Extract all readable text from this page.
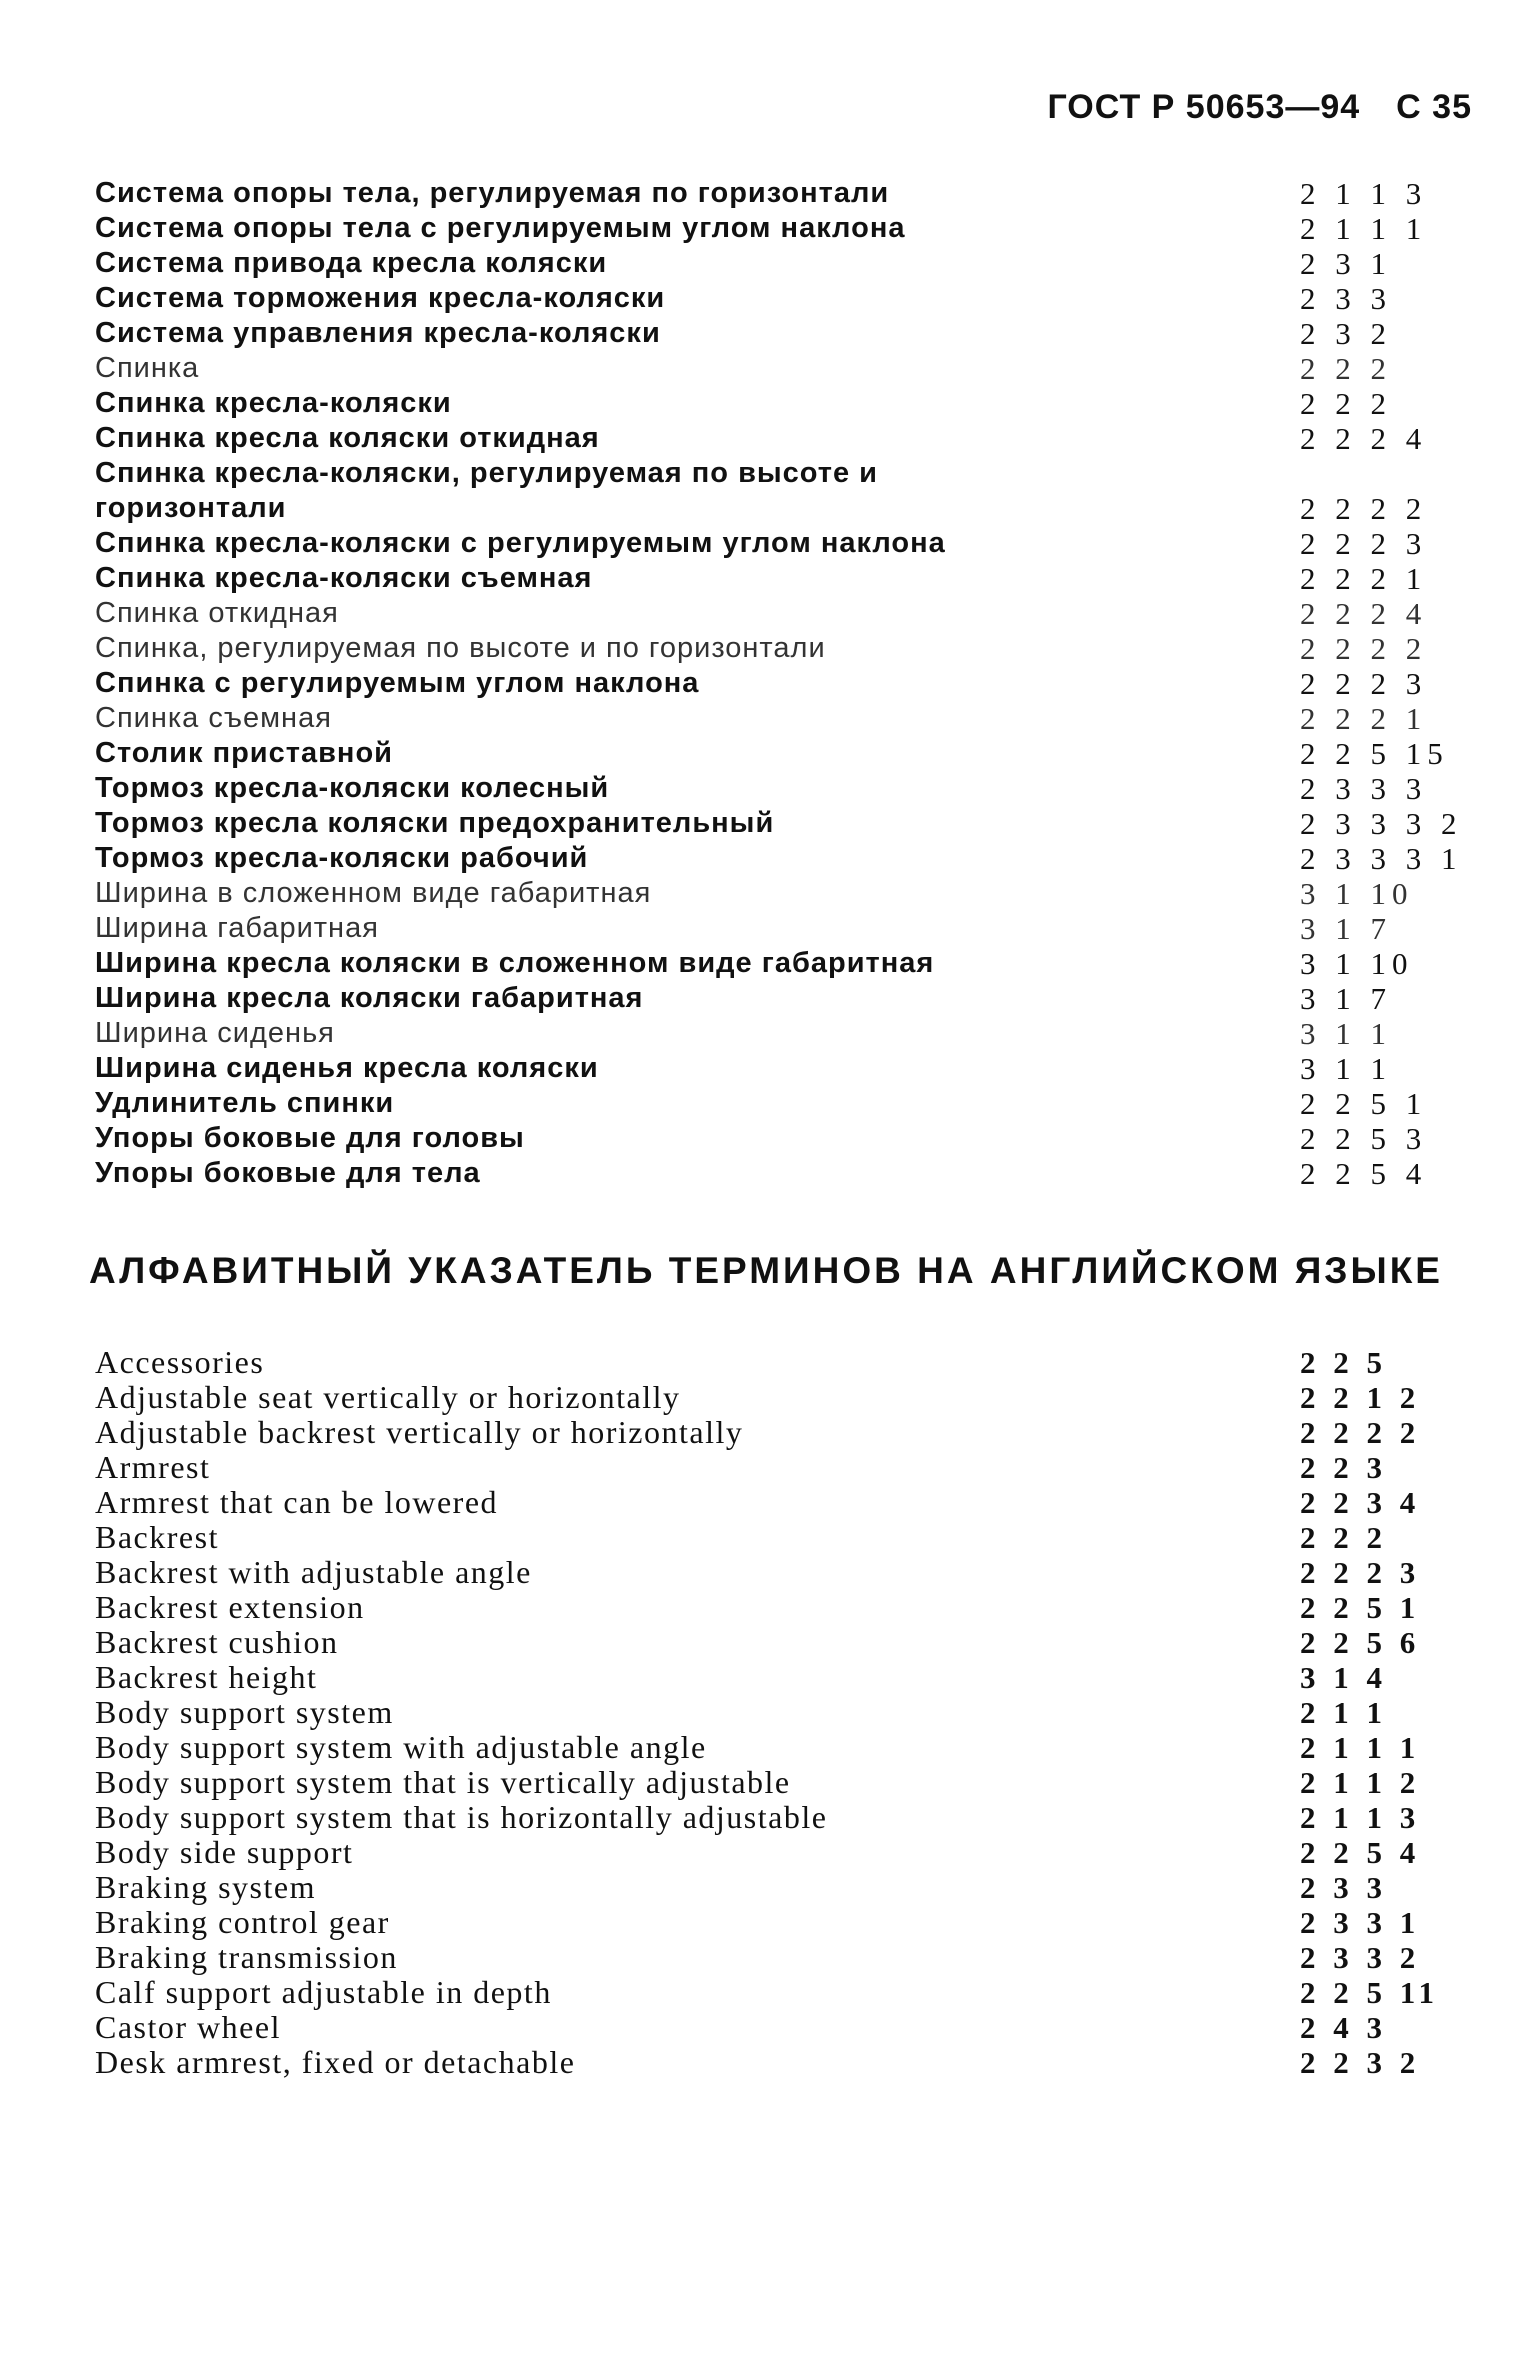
ГОСТ Р 50653—94 С 35
Система опоры тела, регулируемая по горизонтали	2 1 1 3
Система опоры тела с регулируемым углом наклона	2 1 1 1
Система привода кресла коляски	2 3 1
Система торможения кресла-коляски	2 3 3
Система управления кресла-коляски	2 3 2
Спинка	2 2 2
Спинка кресла-коляски	2 2 2
Спинка кресла коляски откидная	2 2 2 4
Спинка кресла-коляски, регулируемая по высоте и
горизонтали	2 2 2 2
Спинка кресла-коляски с регулируемым углом наклона	2 2 2 3
Спинка кресла-коляски съемная	2 2 2 1
Спинка откидная	2 2 2 4
Спинка, регулируемая по высоте и по горизонтали	2 2 2 2
Спинка с регулируемым углом наклона	2 2 2 3
Спинка съемная	2 2 2 1
Столик приставной	2 2 5 15
Тормоз кресла-коляски колесный	2 3 3 3
Тормоз кресла коляски предохранительный	2 3 3 3 2
Тормоз кресла-коляски рабочий	2 3 3 3 1
Ширина в сложенном виде габаритная	3 1 10
Ширина габаритная	3 1 7
Ширина кресла коляски в сложенном виде габаритная	3 1 10
Ширина кресла коляски габаритная	3 1 7
Ширина сиденья	3 1 1
Ширина сиденья кресла коляски	3 1 1
Удлинитель спинки	2 2 5 1
Упоры боковые для головы	2 2 5 3
Упоры боковые для тела	2 2 5 4
АЛФАВИТНЫЙ УКАЗАТЕЛЬ ТЕРМИНОВ НА АНГЛИЙСКОМ ЯЗЫКЕ
Accessories	2 2 5
Adjustable seat vertically or horizontally	2 2 1 2
Adjustable backrest vertically or horizontally	2 2 2 2
Armrest	2 2 3
Armrest that can be lowered	2 2 3 4
Backrest	2 2 2
Backrest with adjustable angle	2 2 2 3
Backrest extension	2 2 5 1
Backrest cushion	2 2 5 6
Backrest height	3 1 4
Body support system	2 1 1
Body support system with adjustable angle	2 1 1 1
Body support system that is vertically adjustable	2 1 1 2
Body support system that is horizontally adjustable	2 1 1 3
Body side support	2 2 5 4
Braking system	2 3 3
Braking control gear	2 3 3 1
Braking transmission	2 3 3 2
Calf support adjustable in depth	2 2 5 11
Castor wheel	2 4 3
Desk armrest, fixed or detachable	2 2 3 2
